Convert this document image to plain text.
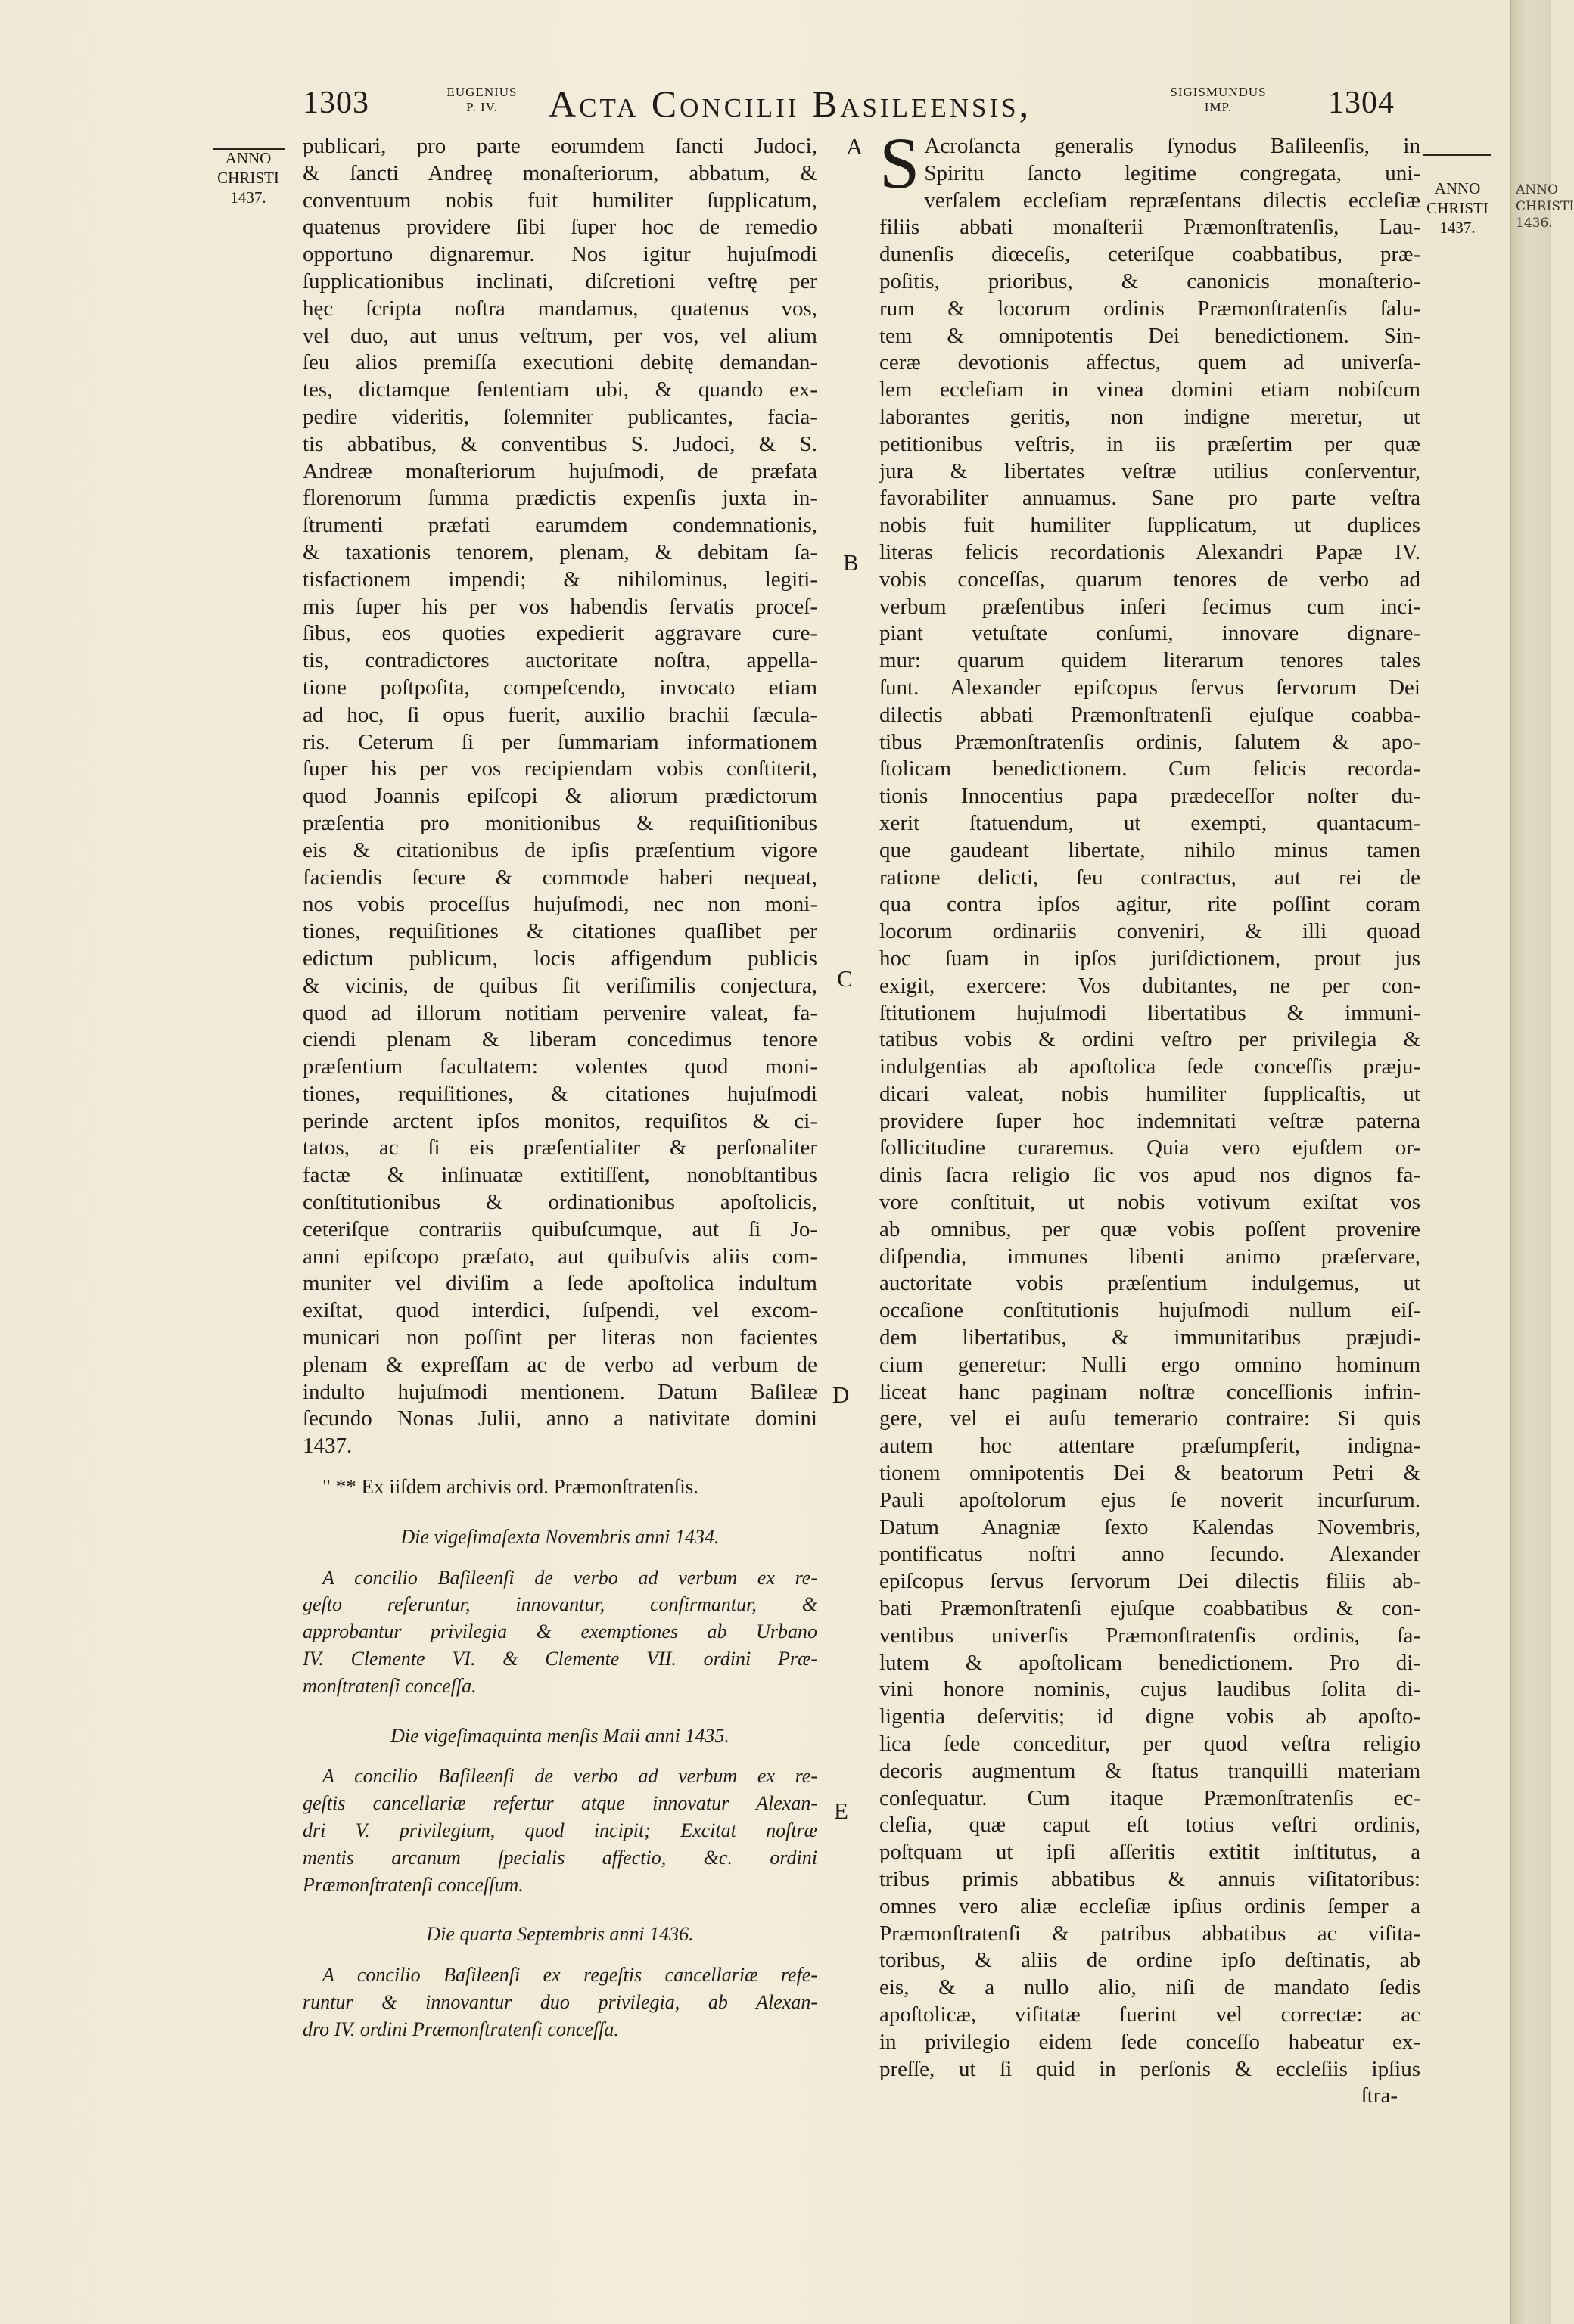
ANNO
CHRISTI
1436.
1303	EUGENIUS
P. IV.	Acta Concilii Basileensis,	SIGISMUNDUS
IMP.	1304
ANNO
CHRISTI
1437.	ANNO
CHRISTI
1437.
A
B
C
D
E
publicari, pro parte eorumdem ſancti Judoci,
& ſancti Andreę monaſteriorum, abbatum, &
conventuum nobis fuit humiliter ſupplicatum,
quatenus providere ſibi ſuper hoc de remedio
opportuno dignaremur. Nos igitur hujuſmodi
ſupplicationibus inclinati, diſcretioni veſtrę per
hęc ſcripta noſtra mandamus, quatenus vos,
vel duo, aut unus veſtrum, per vos, vel alium
ſeu alios premiſſa executioni debitę demandan-
tes, dictamque ſententiam ubi, & quando ex-
pedire videritis, ſolemniter publicantes, facia-
tis abbatibus, & conventibus S. Judoci, & S.
Andreæ monaſteriorum hujuſmodi, de præfata
florenorum ſumma prædictis expenſis juxta in-
ſtrumenti præfati earumdem condemnationis,
& taxationis tenorem, plenam, & debitam ſa-
tisfactionem impendi; & nihilominus, legiti-
mis ſuper his per vos habendis ſervatis proceſ-
ſibus, eos quoties expedierit aggravare cure-
tis, contradictores auctoritate noſtra, appella-
tione poſtpoſita, compeſcendo, invocato etiam
ad hoc, ſi opus fuerit, auxilio brachii ſæcula-
ris. Ceterum ſi per ſummariam informationem
ſuper his per vos recipiendam vobis conſtiterit,
quod Joannis epiſcopi & aliorum prædictorum
præſentia pro monitionibus & requiſitionibus
eis & citationibus de ipſis præſentium vigore
faciendis ſecure & commode haberi nequeat,
nos vobis proceſſus hujuſmodi, nec non moni-
tiones, requiſitiones & citationes quaſlibet per
edictum publicum, locis affigendum publicis
& vicinis, de quibus ſit veriſimilis conjectura,
quod ad illorum notitiam pervenire valeat, fa-
ciendi plenam & liberam concedimus tenore
præſentium facultatem: volentes quod moni-
tiones, requiſitiones, & citationes hujuſmodi
perinde arctent ipſos monitos, requiſitos & ci-
tatos, ac ſi eis præſentialiter & perſonaliter
factæ & inſinuatæ extitiſſent, nonobſtantibus
conſtitutionibus & ordinationibus apoſtolicis,
ceteriſque contrariis quibuſcumque, aut ſi Jo-
anni epiſcopo præfato, aut quibuſvis aliis com-
muniter vel diviſim a ſede apoſtolica indultum
exiſtat, quod interdici, ſuſpendi, vel excom-
municari non poſſint per literas non facientes
plenam & expreſſam ac de verbo ad verbum de
indulto hujuſmodi mentionem. Datum Baſileæ
ſecundo Nonas Julii, anno a nativitate domini
1437.
" ** Ex iiſdem archivis ord. Præmonſtratenſis.
Die vigeſimaſexta Novembris anni 1434.
A concilio Baſileenſi de verbo ad verbum ex re-
geſto referuntur, innovantur, confirmantur, &
approbantur privilegia & exemptiones ab Urbano
IV. Clemente VI. & Clemente VII. ordini Præ-
monſtratenſi conceſſa.
Die vigeſimaquinta menſis Maii anni 1435.
A concilio Baſileenſi de verbo ad verbum ex re-
geſtis cancellariæ refertur atque innovatur Alexan-
dri V. privilegium, quod incipit; Excitat noſtræ
mentis arcanum ſpecialis affectio, &c. ordini
Præmonſtratenſi conceſſum.
Die quarta Septembris anni 1436.
A concilio Baſileenſi ex regeſtis cancellariæ refe-
runtur & innovantur duo privilegia, ab Alexan-
dro IV. ordini Præmonſtratenſi conceſſa.
S Acroſancta generalis ſynodus Baſileenſis, in
Spiritu ſancto legitime congregata, uni-
verſalem eccleſiam repræſentans dilectis eccleſiæ
filiis abbati monaſterii Præmonſtratenſis, Lau-
dunenſis diœceſis, ceteriſque coabbatibus, præ-
poſitis, prioribus, & canonicis monaſterio-
rum & locorum ordinis Præmonſtratenſis ſalu-
tem & omnipotentis Dei benedictionem. Sin-
ceræ devotionis affectus, quem ad univerſa-
lem eccleſiam in vinea domini etiam nobiſcum
laborantes geritis, non indigne meretur, ut
petitionibus veſtris, in iis præſertim per quæ
jura & libertates veſtræ utilius conſerventur,
favorabiliter annuamus. Sane pro parte veſtra
nobis fuit humiliter ſupplicatum, ut duplices
literas felicis recordationis Alexandri Papæ IV.
vobis conceſſas, quarum tenores de verbo ad
verbum præſentibus inſeri fecimus cum inci-
piant vetuſtate conſumi, innovare dignare-
mur: quarum quidem literarum tenores tales
ſunt. Alexander epiſcopus ſervus ſervorum Dei
dilectis abbati Præmonſtratenſi ejuſque coabba-
tibus Præmonſtratenſis ordinis, ſalutem & apo-
ſtolicam benedictionem. Cum felicis recorda-
tionis Innocentius papa prædeceſſor noſter du-
xerit ſtatuendum, ut exempti, quantacum-
que gaudeant libertate, nihilo minus tamen
ratione delicti, ſeu contractus, aut rei de
qua contra ipſos agitur, rite poſſint coram
locorum ordinariis conveniri, & illi quoad
hoc ſuam in ipſos juriſdictionem, prout jus
exigit, exercere: Vos dubitantes, ne per con-
ſtitutionem hujuſmodi libertatibus & immuni-
tatibus vobis & ordini veſtro per privilegia &
indulgentias ab apoſtolica ſede conceſſis præju-
dicari valeat, nobis humiliter ſupplicaſtis, ut
providere ſuper hoc indemnitati veſtræ paterna
ſollicitudine curaremus. Quia vero ejuſdem or-
dinis ſacra religio ſic vos apud nos dignos fa-
vore conſtituit, ut nobis votivum exiſtat vos
ab omnibus, per quæ vobis poſſent provenire
diſpendia, immunes libenti animo præſervare,
auctoritate vobis præſentium indulgemus, ut
occaſione conſtitutionis hujuſmodi nullum eiſ-
dem libertatibus, & immunitatibus præjudi-
cium generetur: Nulli ergo omnino hominum
liceat hanc paginam noſtræ conceſſionis infrin-
gere, vel ei auſu temerario contraire: Si quis
autem hoc attentare præſumpſerit, indigna-
tionem omnipotentis Dei & beatorum Petri &
Pauli apoſtolorum ejus ſe noverit incurſurum.
Datum Anagniæ ſexto Kalendas Novembris,
pontificatus noſtri anno ſecundo. Alexander
epiſcopus ſervus ſervorum Dei dilectis filiis ab-
bati Præmonſtratenſi ejuſque coabbatibus & con-
ventibus univerſis Præmonſtratenſis ordinis, ſa-
lutem & apoſtolicam benedictionem. Pro di-
vini honore nominis, cujus laudibus ſolita di-
ligentia deſervitis; id digne vobis ab apoſto-
lica ſede conceditur, per quod veſtra religio
decoris augmentum & ſtatus tranquilli materiam
conſequatur. Cum itaque Præmonſtratenſis ec-
cleſia, quæ caput eſt totius veſtri ordinis,
poſtquam ut ipſi aſſeritis extitit inſtitutus, a
tribus primis abbatibus & annuis viſitatoribus:
omnes vero aliæ eccleſiæ ipſius ordinis ſemper a
Præmonſtratenſi & patribus abbatibus ac viſita-
toribus, & aliis de ordine ipſo deſtinatis, ab
eis, & a nullo alio, niſi de mandato ſedis
apoſtolicæ, viſitatæ fuerint vel correctæ: ac
in privilegio eidem ſede conceſſo habeatur ex-
preſſe, ut ſi quid in perſonis & eccleſiis ipſius
ſtra-
